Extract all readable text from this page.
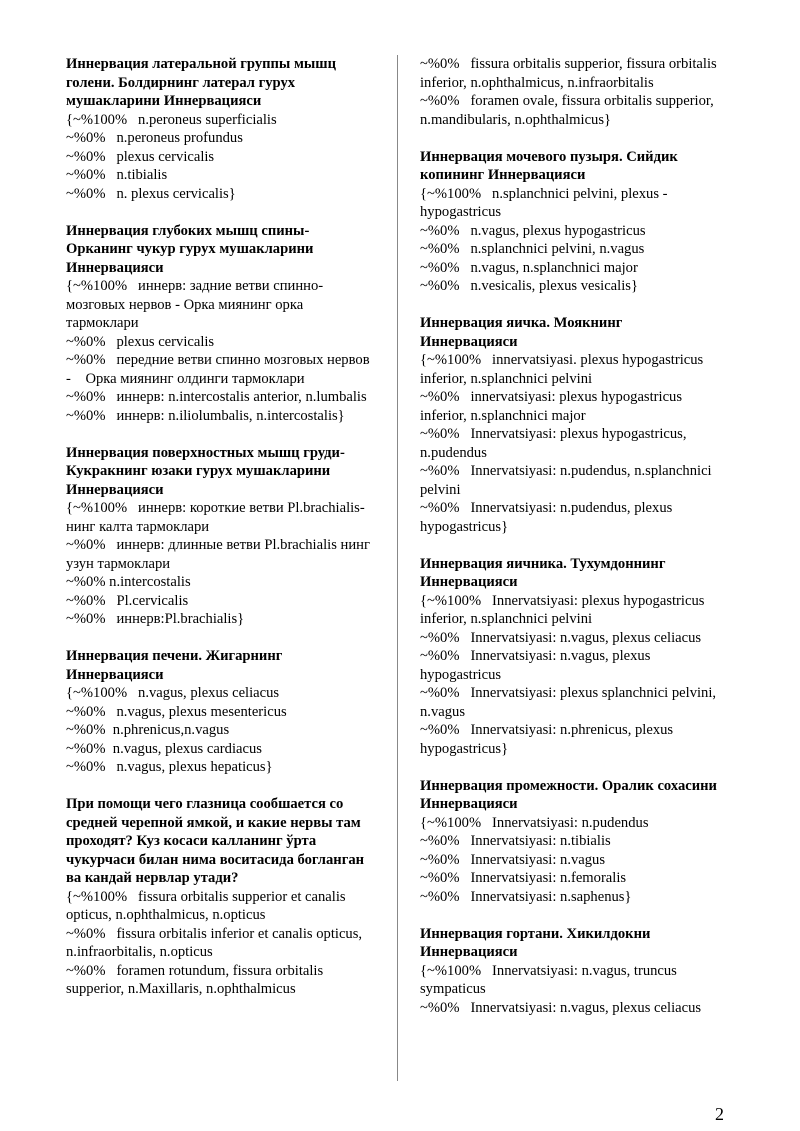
Иннервация латеральной группы мышц голени. Болдирнинг латерал гурух мушакларини Иннервацияси
{~%100%   n.peroneus superficialis
~%0%   n.peroneus profundus
~%0%   plexus cervicalis
~%0%   n.tibialis
~%0%   n. plexus cervicalis}
Иннервация глубоких мышц спины- Орканинг чукур гурух мушакларини Иннервацияси
{~%100%   иннерв: задние ветви спинно-мозговых нервов - Орка миянинг орка тармоклари
~%0%   plexus cervicalis
~%0%   передние ветви спинно мозговых нервов -    Орка миянинг олдинги тармоклари
~%0%   иннерв: n.intercostalis anterior, n.lumbalis
~%0%   иннерв: n.iliolumbalis, n.intercostalis}
Иннервация поверхностных мышц груди- Кукракнинг юзаки гурух мушакларини Иннервацияси
{~%100%   иннерв: короткие ветви Pl.brachialis-    нинг калта тармоклари
~%0%   иннерв: длинные ветви Pl.brachialis нинг узун тармоклари
~%0% n.intercostalis
~%0%   Pl.cervicalis
~%0%   иннерв:Pl.brachialis}
Иннервация печени. Жигарнинг Иннервацияси
{~%100%   n.vagus, plexus celiacus
~%0%   n.vagus, plexus mesentericus
~%0%  n.phrenicus,n.vagus
~%0%  n.vagus, plexus cardiacus
~%0%   n.vagus, plexus hepaticus}
При помощи чего глазница сообшается со средней черепной ямкой, и какие нервы там проходят? Куз косаси калланинг ўрта чукурчаси билан нима воситасида богланган ва кандай нервлар утади?
{~%100%   fissura orbitalis supperior et canalis opticus, n.ophthalmicus, n.opticus
~%0%   fissura orbitalis inferior et canalis opticus, n.infraorbitalis, n.opticus
~%0%   foramen rotundum, fissura orbitalis supperior, n.Maxillaris, n.ophthalmicus
~%0%   fissura orbitalis supperior, fissura orbitalis inferior, n.ophthalmicus, n.infraorbitalis
~%0%   foramen ovale, fissura orbitalis supperior, n.mandibularis, n.ophthalmicus}
Иннервация мочевого пузыря. Сийдик копининг Иннервацияси
{~%100%   n.splanchnici pelvini, plexus -hypogastricus
~%0%   n.vagus, plexus hypogastricus
~%0%   n.splanchnici pelvini, n.vagus
~%0%   n.vagus, n.splanchnici major
~%0%   n.vesicalis, plexus vesicalis}
Иннервация яичка. Моякнинг Иннервацияси
{~%100%   innervatsiyasi. plexus hypogastricus inferior, n.splanchnici pelvini
~%0%   innervatsiyasi: plexus hypogastricus inferior, n.splanchnici major
~%0%   Innervatsiyasi: plexus hypogastricus, n.pudendus
~%0%   Innervatsiyasi: n.pudendus, n.splanchnici pelvini
~%0%   Innervatsiyasi: n.pudendus, plexus hypogastricus}
Иннервация яичника. Тухумдоннинг Иннервацияси
{~%100%   Innervatsiyasi: plexus hypogastricus inferior, n.splanchnici pelvini
~%0%   Innervatsiyasi: n.vagus, plexus celiacus
~%0%   Innervatsiyasi: n.vagus, plexus hypogastricus
~%0%   Innervatsiyasi: plexus splanchnici pelvini, n.vagus
~%0%   Innervatsiyasi: n.phrenicus, plexus hypogastricus}
Иннервация промежности. Оралик сохасини Иннервацияси
{~%100%   Innervatsiyasi: n.pudendus
~%0%   Innervatsiyasi: n.tibialis
~%0%   Innervatsiyasi: n.vagus
~%0%   Innervatsiyasi: n.femoralis
~%0%   Innervatsiyasi: n.saphenus}
Иннервация гортани. Хикилдокни Иннервацияси
{~%100%   Innervatsiyasi: n.vagus, truncus sympaticus
~%0%   Innervatsiyasi: n.vagus, plexus celiacus
2
